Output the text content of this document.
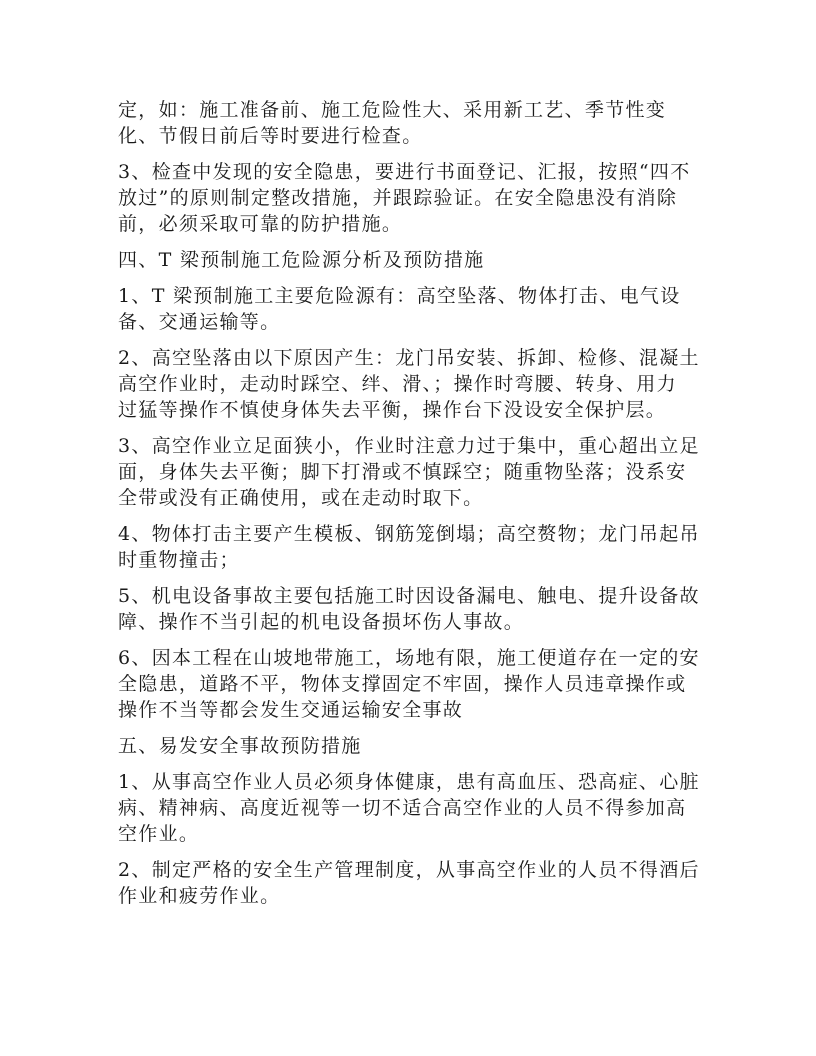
定，如：施工准备前、施工危险性大、采用新工艺、季节性变
化、节假日前后等时要进行检查。
3、检查中发现的安全隐患，要进行书面登记、汇报，按照“四不
放过”的原则制定整改措施，并跟踪验证。在安全隐患没有消除
前，必须采取可靠的防护措施。
四、T 梁预制施工危险源分析及预防措施
1、T 梁预制施工主要危险源有：高空坠落、物体打击、电气设
备、交通运输等。
2、高空坠落由以下原因产生：龙门吊安装、拆卸、检修、混凝土
高空作业时，走动时踩空、绊、滑、；操作时弯腰、转身、用力
过猛等操作不慎使身体失去平衡，操作台下没设安全保护层。
3、高空作业立足面狭小，作业时注意力过于集中，重心超出立足
面，身体失去平衡；脚下打滑或不慎踩空；随重物坠落；没系安
全带或没有正确使用，或在走动时取下。
4、物体打击主要产生模板、钢筋笼倒塌；高空赘物；龙门吊起吊
时重物撞击；
5、机电设备事故主要包括施工时因设备漏电、触电、提升设备故
障、操作不当引起的机电设备损坏伤人事故。
6、因本工程在山坡地带施工，场地有限，施工便道存在一定的安
全隐患，道路不平，物体支撑固定不牢固，操作人员违章操作或
操作不当等都会发生交通运输安全事故
五、易发安全事故预防措施
1、从事高空作业人员必须身体健康，患有高血压、恐高症、心脏
病、精神病、高度近视等一切不适合高空作业的人员不得参加高
空作业。
2、制定严格的安全生产管理制度，从事高空作业的人员不得酒后
作业和疲劳作业。
